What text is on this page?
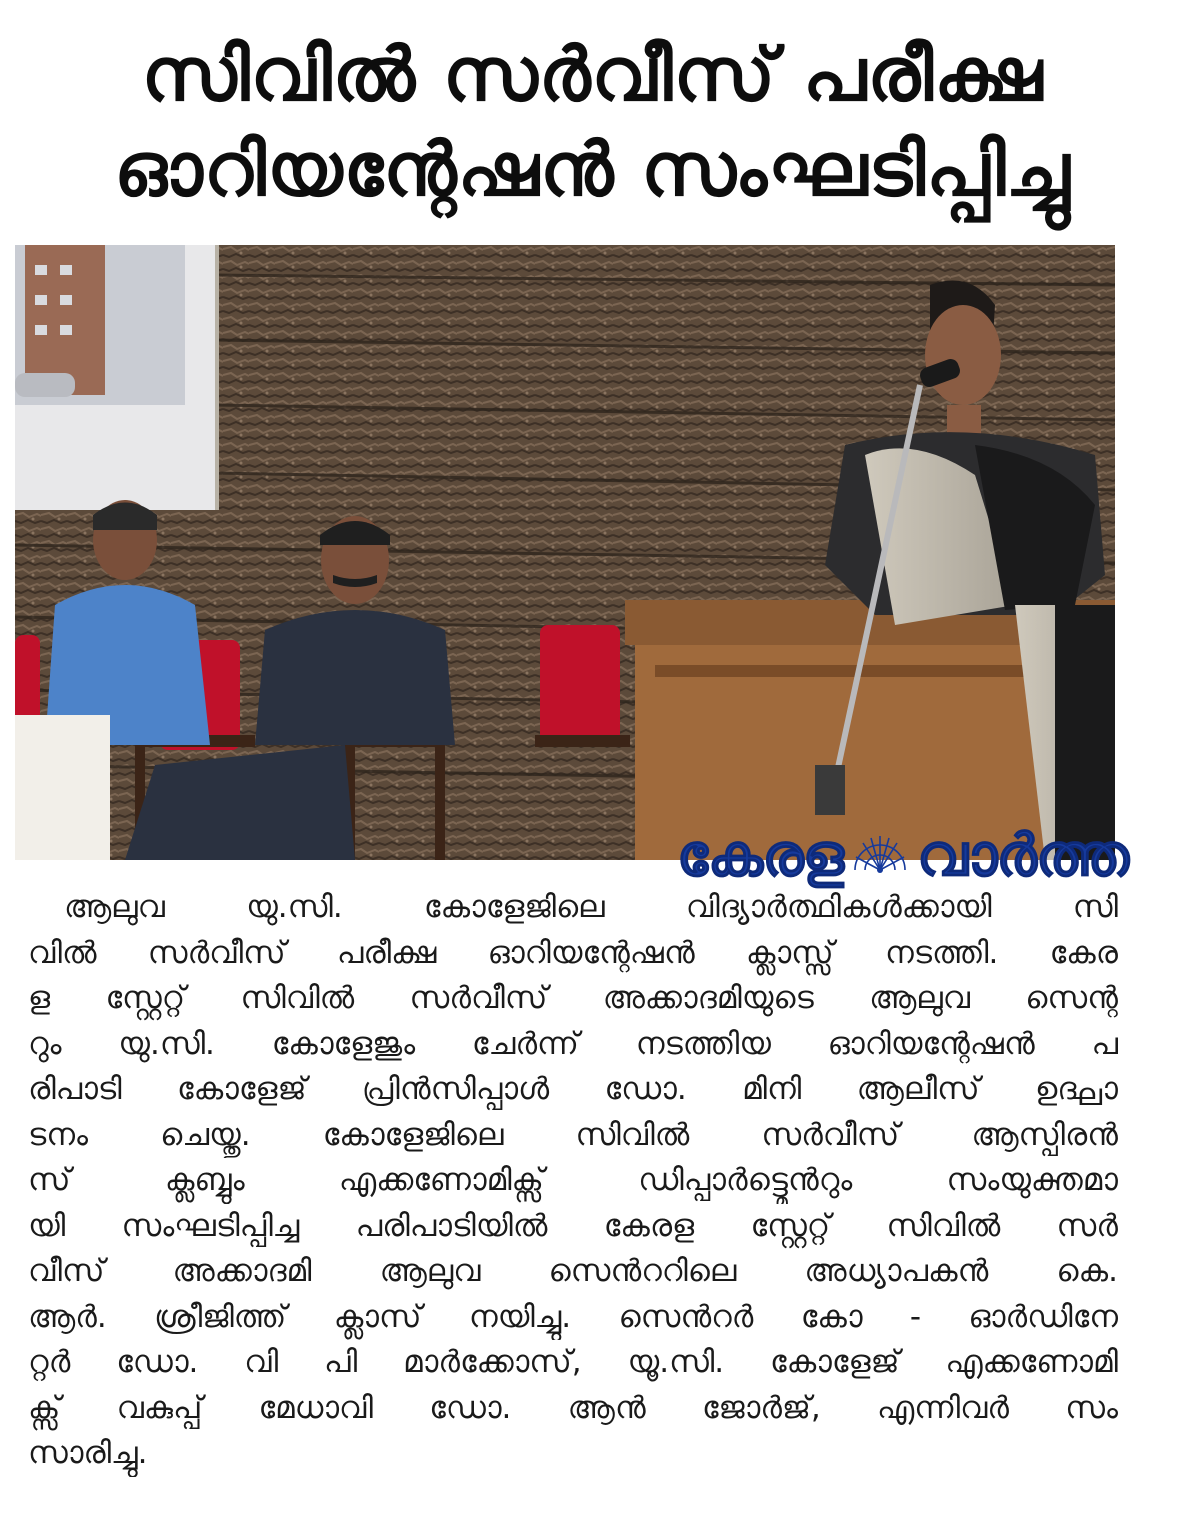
സിവിൽ സർവീസ് പരീക്ഷ
ഓറിയന്റേഷൻ സംഘടിപ്പിച്ചു
കേരള വാർത്ത
ആലുവ	യു.സി.	കോളേജിലെ	വിദ്യാർത്ഥികൾക്കായി	സി
വിൽ സർവീസ് പരീക്ഷ ഓറിയന്റേഷൻ ക്ലാസ്സ് നടത്തി. കേര
ള സ്റ്റേറ്റ് സിവിൽ സർവീസ് അക്കാദമിയുടെ ആലുവ സെന്റ
റും യു.സി. കോളേജും ചേർന്ന് നടത്തിയ ഓറിയന്റേഷൻ പ
രിപാടി കോളേജ് പ്രിൻസിപ്പാൾ ഡോ. മിനി ആലീസ് ഉദ്ഘാ
ടനം ചെയ്തു. കോളേജിലെ സിവിൽ സർവീസ് ആസ്പിരൻ
സ്	ക്ലബ്ബും	എക്കണോമിക്സ്	ഡിപ്പാർട്ട്മെൻറും	സംയുക്തമാ
യി സംഘടിപ്പിച്ച പരിപാടിയിൽ കേരള സ്റ്റേറ്റ് സിവിൽ സർ
വീസ് അക്കാദമി ആലുവ സെൻററിലെ അധ്യാപകൻ കെ.
ആർ. ശ്രീജിത്ത് ക്ലാസ് നയിച്ചു. സെൻറർ കോ - ഓർഡിനേ
റ്റർ ഡോ. വി പി മാർക്കോസ്, യൂ.സി. കോളേജ് എക്കണോമി
ക്സ് വകുപ്പ് മേധാവി ഡോ. ആൻ ജോർജ്, എന്നിവർ സം
സാരിച്ചു.
